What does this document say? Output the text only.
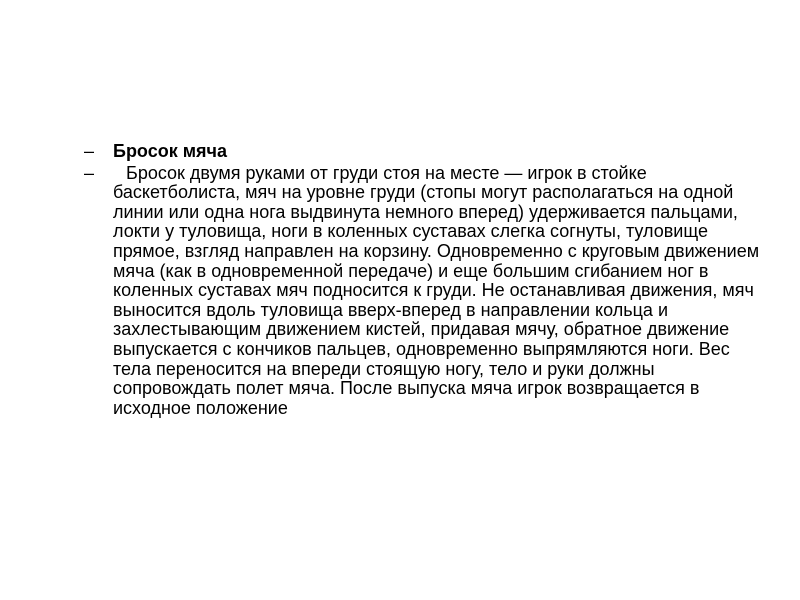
– Бросок мяча
–	Бросок двумя руками от груди стоя на месте — игрок в стойке баскетболиста, мяч на уровне груди (стопы могут располагаться на одной линии или одна нога выдвинута немного вперед) удерживается пальцами, локти у туловища, ноги в коленных суставах слегка согнуты, туловище прямое, взгляд направлен на корзину. Одновременно с круговым движением мяча (как в одновременной передаче) и еще большим сгибанием ног в коленных суставах мяч подносится к груди. Не останавливая движения, мяч выносится вдоль туловища вверх-вперед в направлении кольца и захлестывающим движением кистей, придавая мячу, обратное движение выпускается с кончиков пальцев, одновременно выпрямляются ноги. Вес тела переносится на впереди стоящую ногу, тело и руки должны сопровождать полет мяча. После выпуска мяча игрок возвращается в исходное положение
